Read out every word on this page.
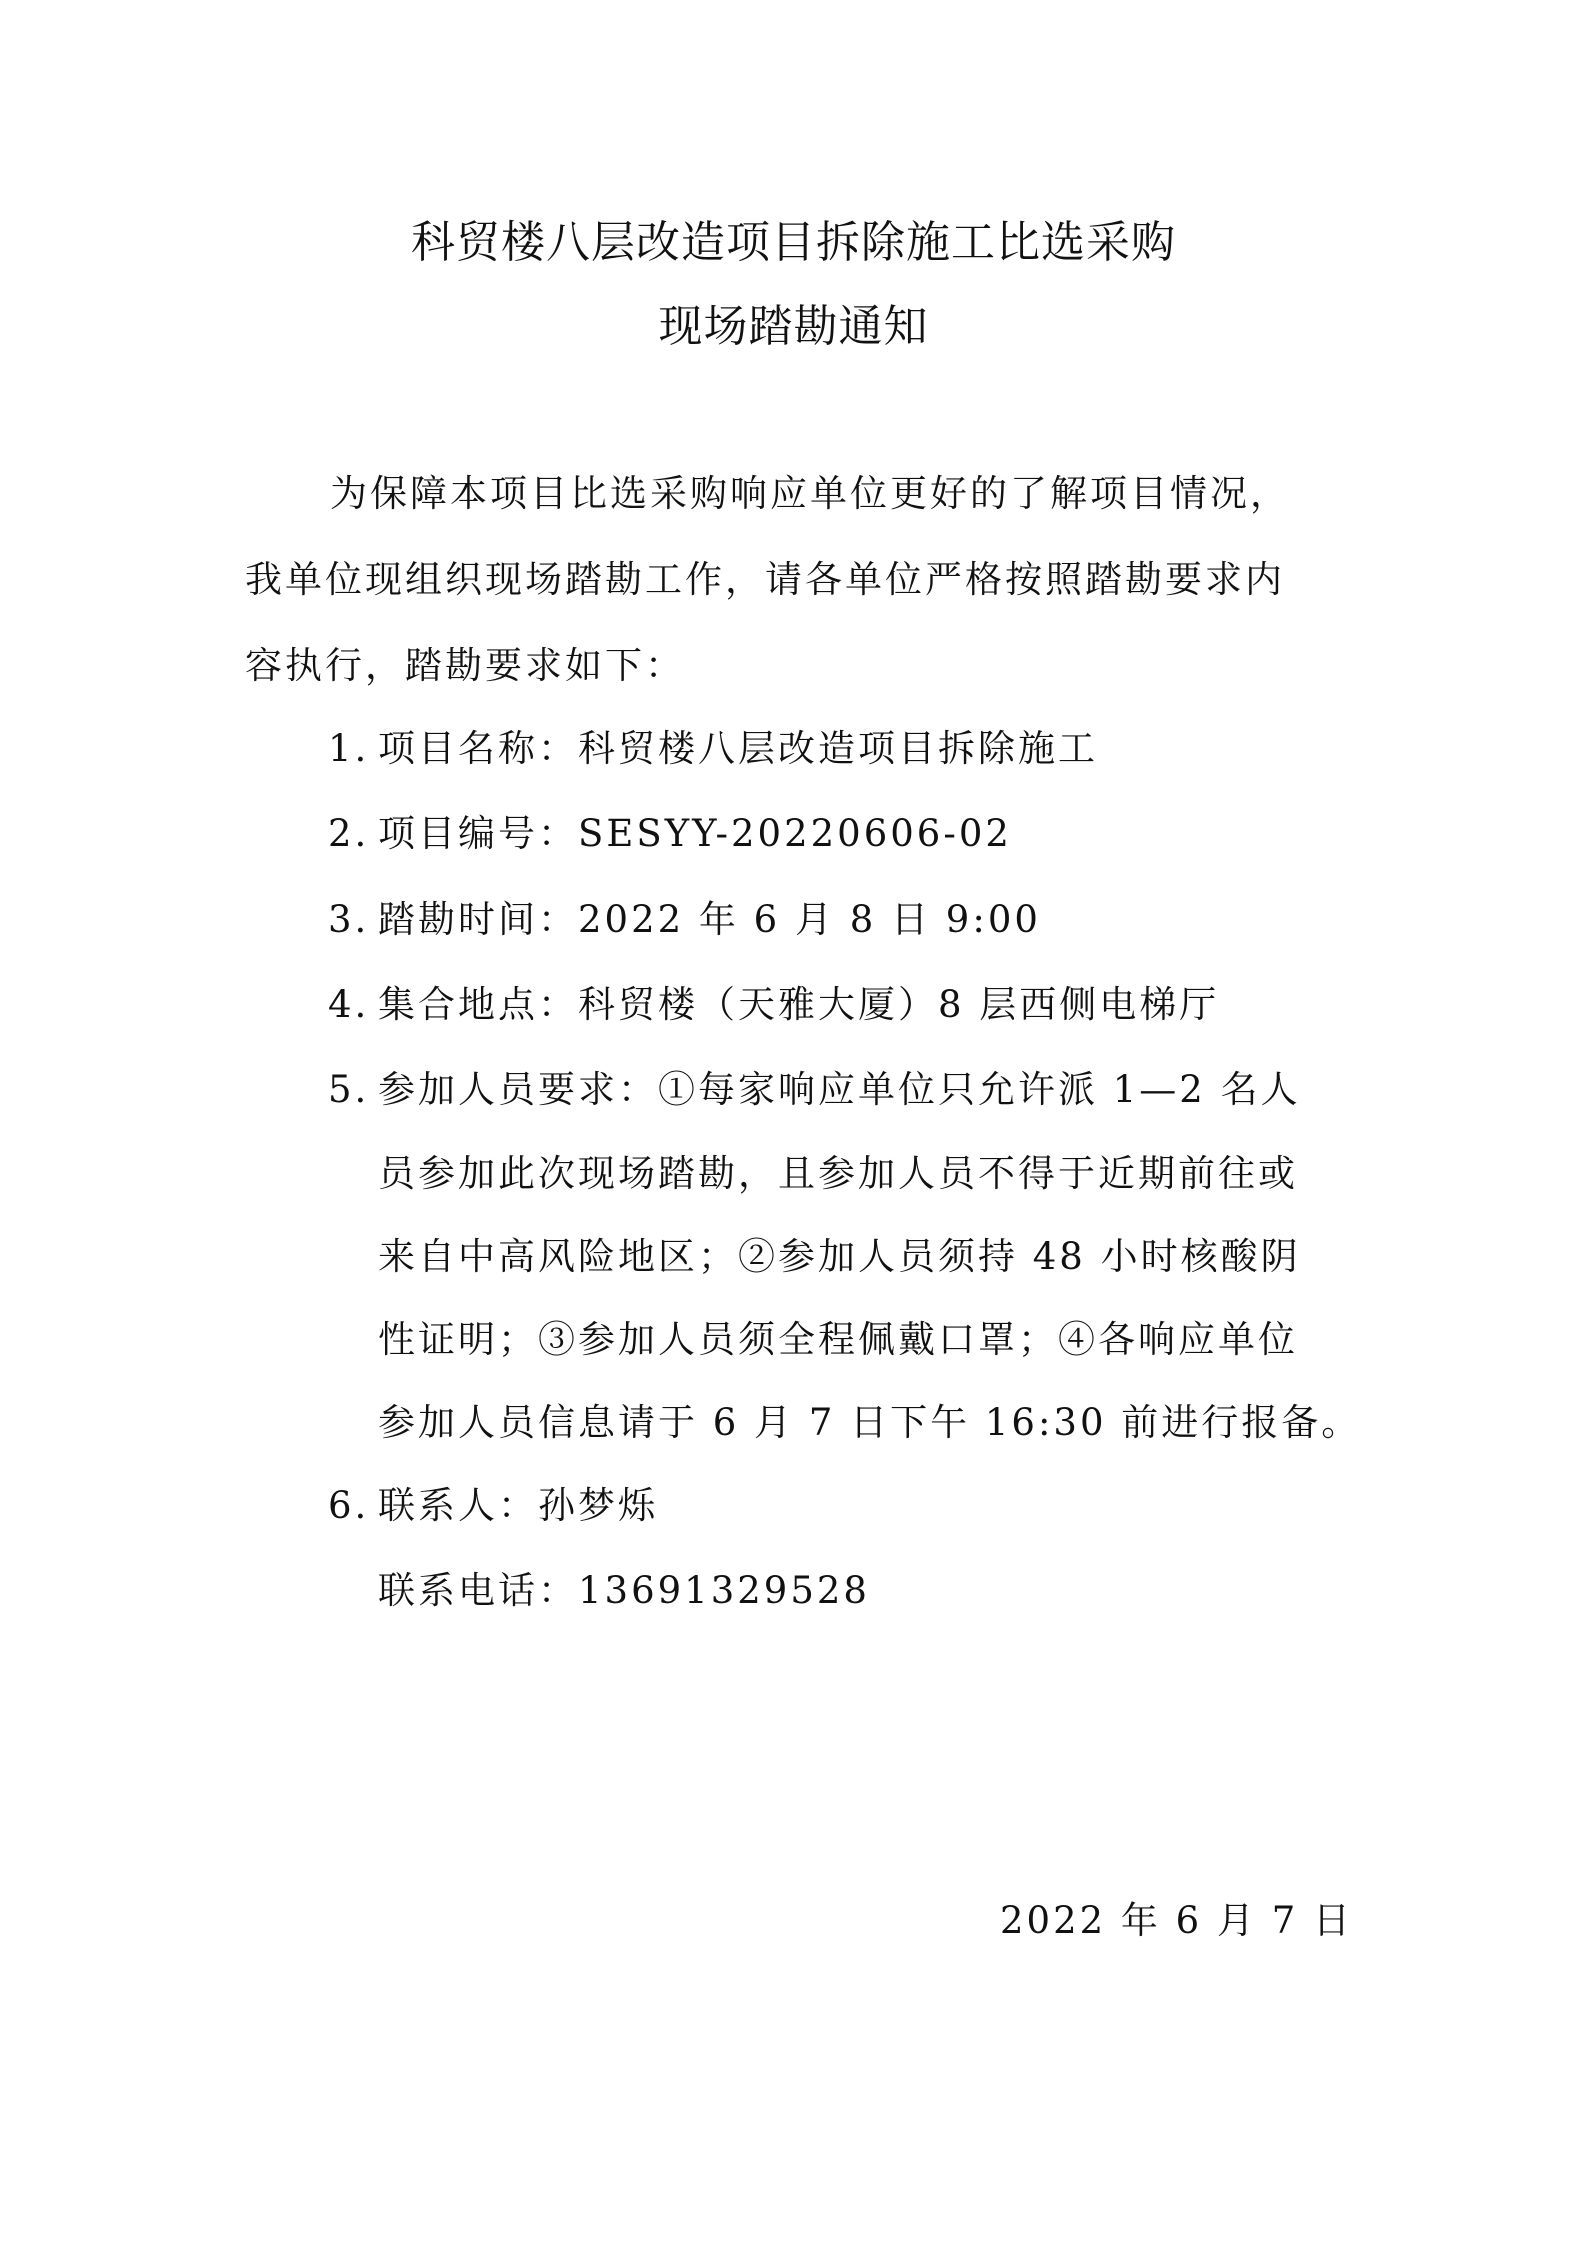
科贸楼八层改造项目拆除施工比选采购
现场踏勘通知
为保障本项目比选采购响应单位更好的了解项目情况，
我单位现组织现场踏勘工作，请各单位严格按照踏勘要求内
容执行，踏勘要求如下：
1. 项目名称：科贸楼八层改造项目拆除施工
2. 项目编号：SESYY-20220606-02
3. 踏勘时间：2022 年 6 月 8 日 9:00
4. 集合地点：科贸楼（天雅大厦）8 层西侧电梯厅
5. 参加人员要求：①每家响应单位只允许派 1—2 名人
员参加此次现场踏勘，且参加人员不得于近期前往或
来自中高风险地区；②参加人员须持 48 小时核酸阴
性证明；③参加人员须全程佩戴口罩；④各响应单位
参加人员信息请于 6 月 7 日下午 16:30 前进行报备。
6. 联系人：孙梦烁
联系电话：13691329528
2022 年 6 月 7 日
